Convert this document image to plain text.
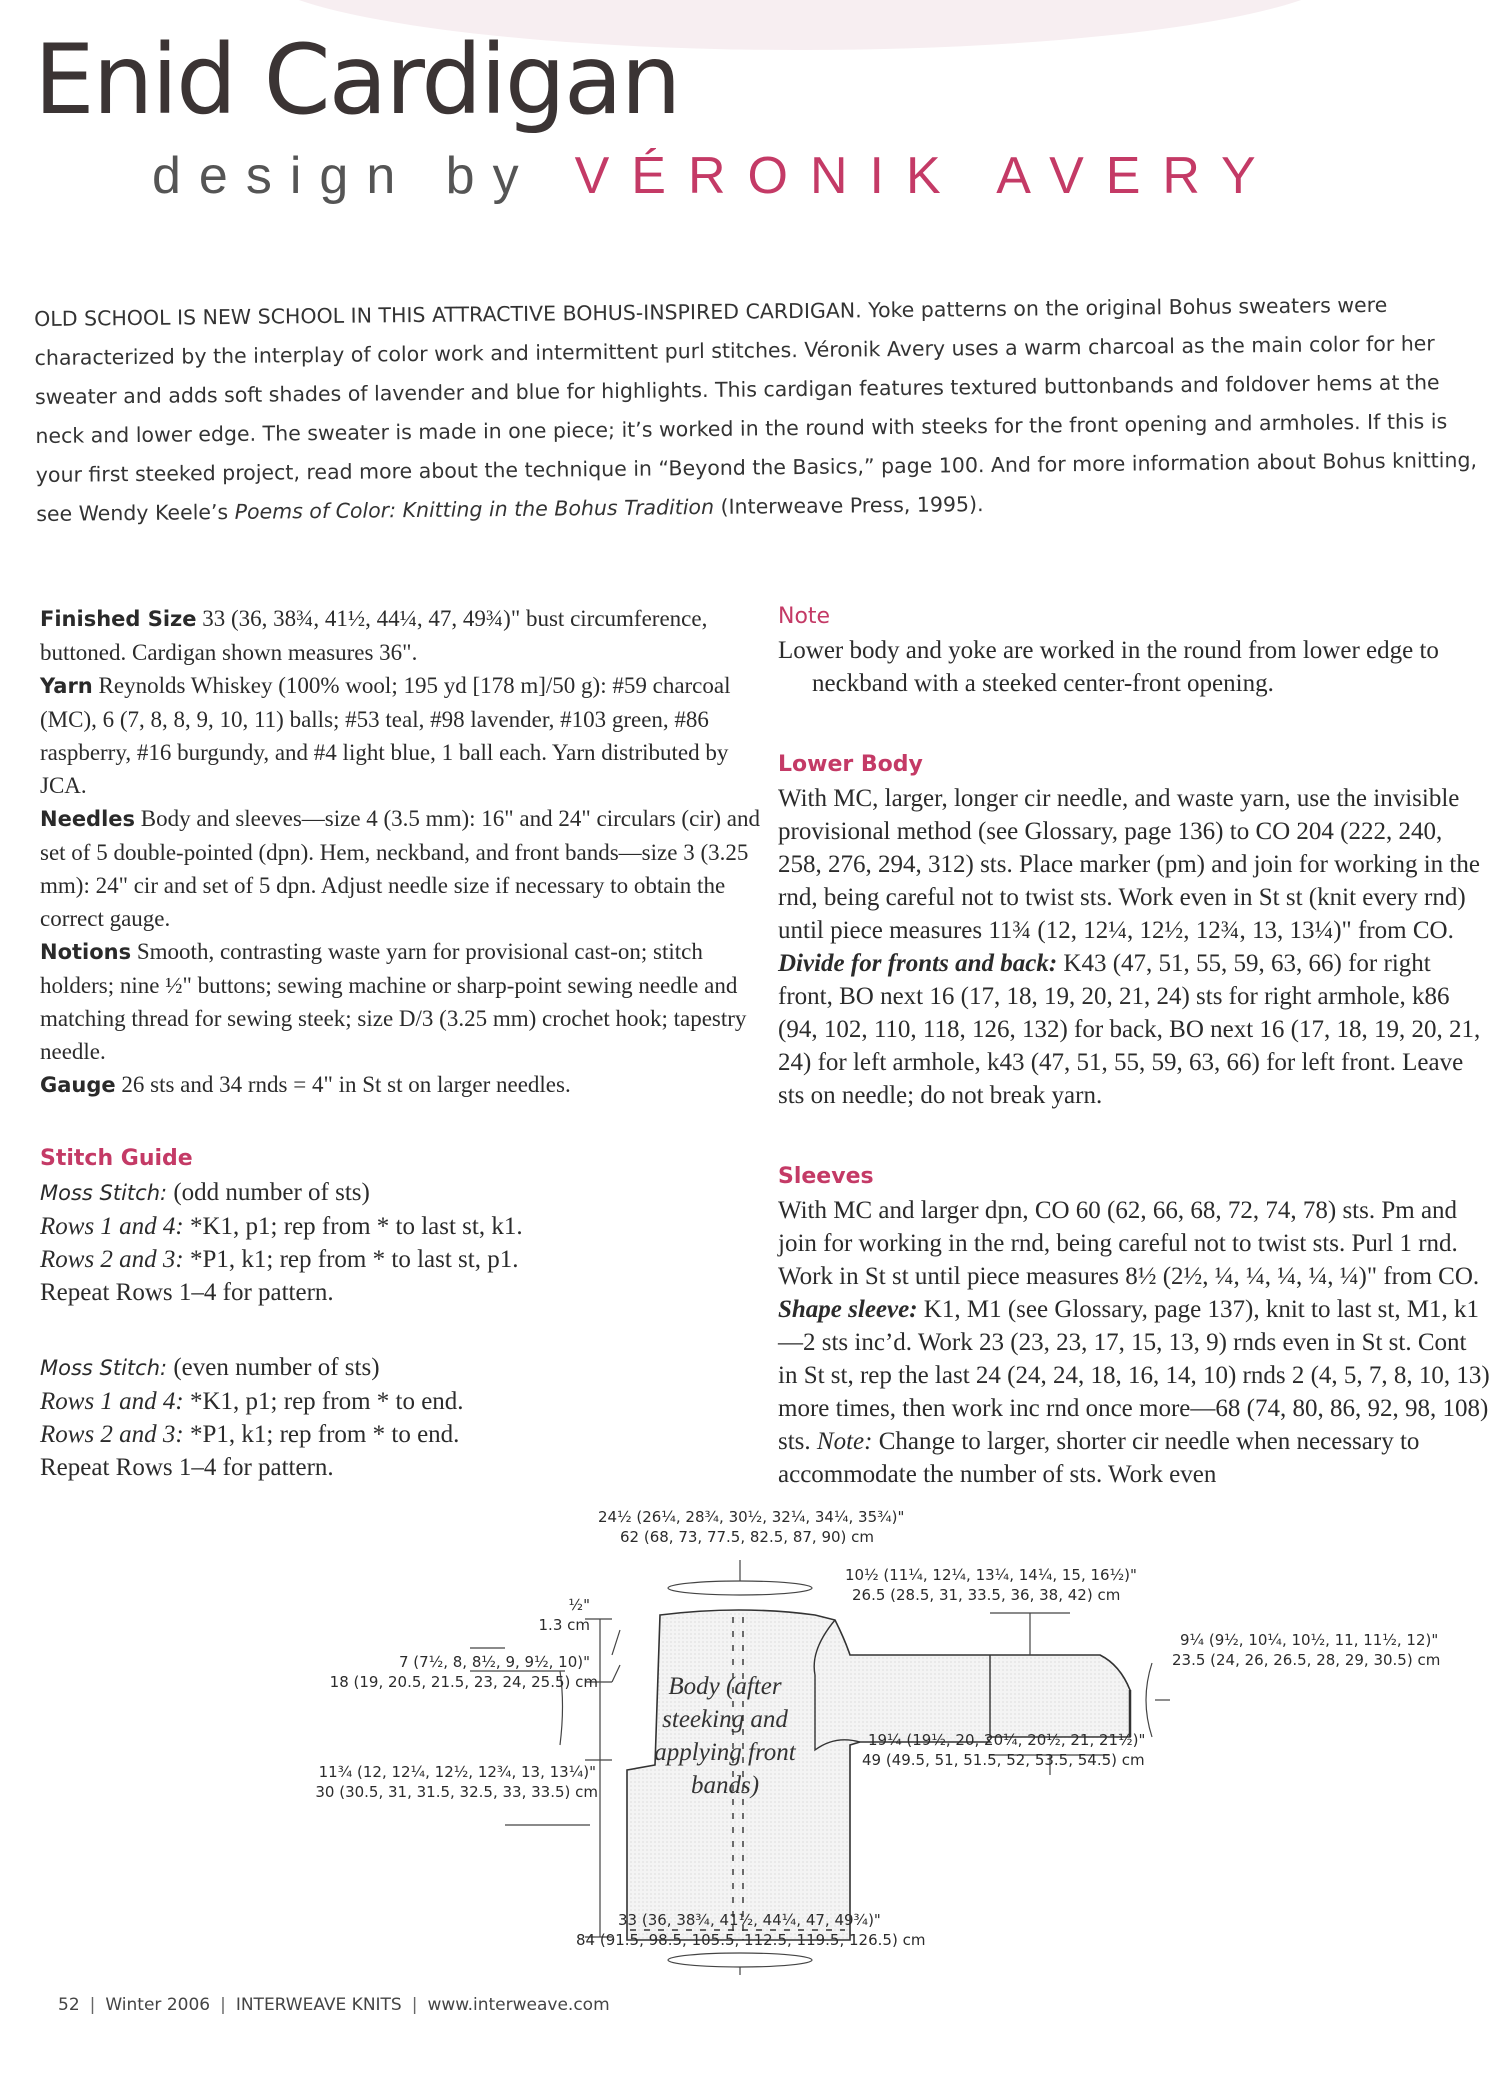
Enid Cardigan
design by VÉRONIK AVERY

OLD SCHOOL IS NEW SCHOOL IN THIS ATTRACTIVE BOHUS-INSPIRED CARDIGAN. Yoke patterns on the original Bohus sweaters were characterized by the interplay of color work and intermittent purl stitches. Véronik Avery uses a warm charcoal as the main color for her sweater and adds soft shades of lavender and blue for highlights. This cardigan features textured buttonbands and foldover hems at the neck and lower edge. The sweater is made in one piece; it’s worked in the round with steeks for the front opening and armholes. If this is your first steeked project, read more about the technique in “Beyond the Basics,” page 100. And for more information about Bohus knitting, see Wendy Keele’s Poems of Color: Knitting in the Bohus Tradition (Interweave Press, 1995).

Finished Size 33 (36, 38¾, 41½, 44¼, 47, 49¾)" bust circumference, buttoned. Cardigan shown measures 36".

Yarn Reynolds Whiskey (100% wool; 195 yd [178 m]/50 g): #59 charcoal (MC), 6 (7, 8, 8, 9, 10, 11) balls; #53 teal, #98 lavender, #103 green, #86 raspberry, #16 burgundy, and #4 light blue, 1 ball each. Yarn distributed by JCA.

Needles Body and sleeves—size 4 (3.5 mm): 16" and 24" circulars (cir) and set of 5 double-pointed (dpn). Hem, neckband, and front bands—size 3 (3.25 mm): 24" cir and set of 5 dpn. Adjust needle size if necessary to obtain the correct gauge.

Notions Smooth, contrasting waste yarn for provisional cast-on; stitch holders; nine ½" buttons; sewing machine or sharp-point sewing needle and matching thread for sewing steek; size D/3 (3.25 mm) crochet hook; tapestry needle.

Gauge 26 sts and 34 rnds = 4" in St st on larger needles.

Stitch Guide

Moss Stitch: (odd number of sts)

Rows 1 and 4: *K1, p1; rep from * to last st, k1.

Rows 2 and 3: *P1, k1; rep from * to last st, p1.

Repeat Rows 1–4 for pattern.

Moss Stitch: (even number of sts)

Rows 1 and 4: *K1, p1; rep from * to end.

Rows 2 and 3: *P1, k1; rep from * to end.

Repeat Rows 1–4 for pattern.

Note

Lower body and yoke are worked in the round from lower edge to neckband with a steeked center-front opening.

Lower Body

With MC, larger, longer cir needle, and waste yarn, use the invisible provisional method (see Glossary, page 136) to CO 204 (222, 240, 258, 276, 294, 312) sts. Place marker (pm) and join for working in the rnd, being careful not to twist sts. Work even in St st (knit every rnd) until piece measures 11¾ (12, 12¼, 12½, 12¾, 13, 13¼)" from CO. Divide for fronts and back: K43 (47, 51, 55, 59, 63, 66) for right front, BO next 16 (17, 18, 19, 20, 21, 24) sts for right armhole, k86 (94, 102, 110, 118, 126, 132) for back, BO next 16 (17, 18, 19, 20, 21, 24) for left armhole, k43 (47, 51, 55, 59, 63, 66) for left front. Leave sts on needle; do not break yarn.

Sleeves

With MC and larger dpn, CO 60 (62, 66, 68, 72, 74, 78) sts. Pm and join for working in the rnd, being careful not to twist sts. Purl 1 rnd. Work in St st until piece measures 8½ (2½, ¼, ¼, ¼, ¼, ¼)" from CO. Shape sleeve: K1, M1 (see Glossary, page 137), knit to last st, M1, k1—2 sts inc’d. Work 23 (23, 23, 17, 15, 13, 9) rnds even in St st. Cont in St st, rep the last 24 (24, 24, 18, 16, 14, 10) rnds 2 (4, 5, 7, 8, 10, 13) more times, then work inc rnd once more—68 (74, 80, 86, 92, 98, 108) sts. Note: Change to larger, shorter cir needle when necessary to accommodate the number of sts. Work even

Body (after steeking and applying front bands)
24½ (26¼, 28¾, 30½, 32¼, 34¼, 35¾)"
62 (68, 73, 77.5, 82.5, 87, 90) cm
10½ (11¼, 12¼, 13¼, 14¼, 15, 16½)"
26.5 (28.5, 31, 33.5, 36, 38, 42) cm
½"
1.3 cm
7 (7½, 8, 8½, 9, 9½, 10)"
18 (19, 20.5, 21.5, 23, 24, 25.5) cm
9¼ (9½, 10¼, 10½, 11, 11½, 12)"
23.5 (24, 26, 26.5, 28, 29, 30.5) cm
19¼ (19½, 20, 20¼, 20½, 21, 21½)"
49 (49.5, 51, 51.5, 52, 53.5, 54.5) cm
11¾ (12, 12¼, 12½, 12¾, 13, 13¼)"
30 (30.5, 31, 31.5, 32.5, 33, 33.5) cm
33 (36, 38¾, 41½, 44¼, 47, 49¾)"
84 (91.5, 98.5, 105.5, 112.5, 119.5, 126.5) cm
52 | Winter 2006 | INTERWEAVE KNITS | www.interweave.com
